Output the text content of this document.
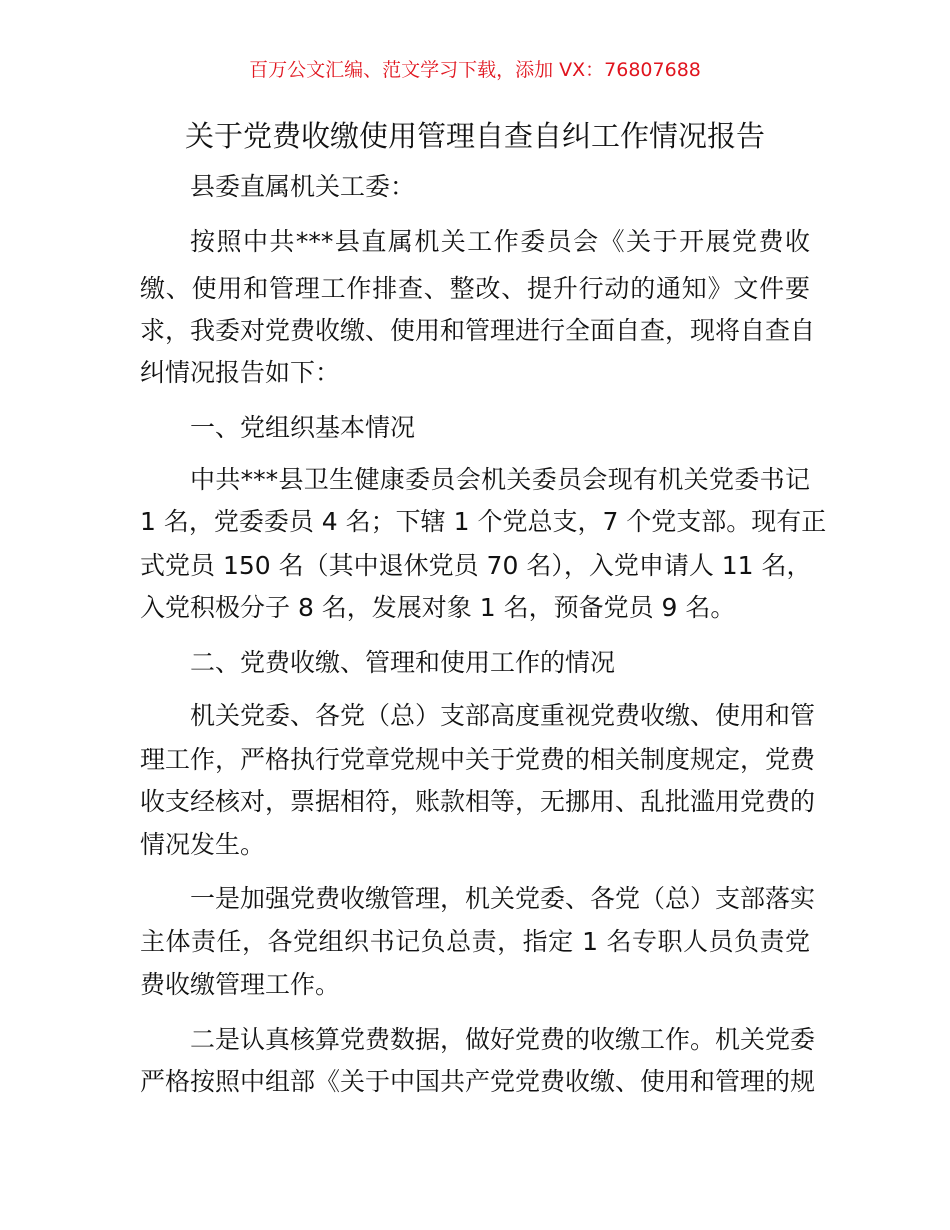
百万公文汇编、范文学习下载，添加 VX：76807688
关于党费收缴使用管理自查自纠工作情况报告
县委直属机关工委：
按照中共***县直属机关工作委员会《关于开展党费收
缴、使用和管理工作排查、整改、提升行动的通知》文件要
求，我委对党费收缴、使用和管理进行全面自查，现将自查自
纠情况报告如下：
一、党组织基本情况
中共***县卫生健康委员会机关委员会现有机关党委书记
1 名，党委委员 4 名；下辖 1 个党总支，7 个党支部。现有正
式党员 150 名（其中退休党员 70 名），入党申请人 11 名，
入党积极分子 8 名，发展对象 1 名，预备党员 9 名。
二、党费收缴、管理和使用工作的情况
机关党委、各党（总）支部高度重视党费收缴、使用和管
理工作，严格执行党章党规中关于党费的相关制度规定，党费
收支经核对，票据相符，账款相等，无挪用、乱批滥用党费的
情况发生。
一是加强党费收缴管理，机关党委、各党（总）支部落实
主体责任，各党组织书记负总责，指定 1 名专职人员负责党
费收缴管理工作。
二是认真核算党费数据，做好党费的收缴工作。机关党委
严格按照中组部《关于中国共产党党费收缴、使用和管理的规
